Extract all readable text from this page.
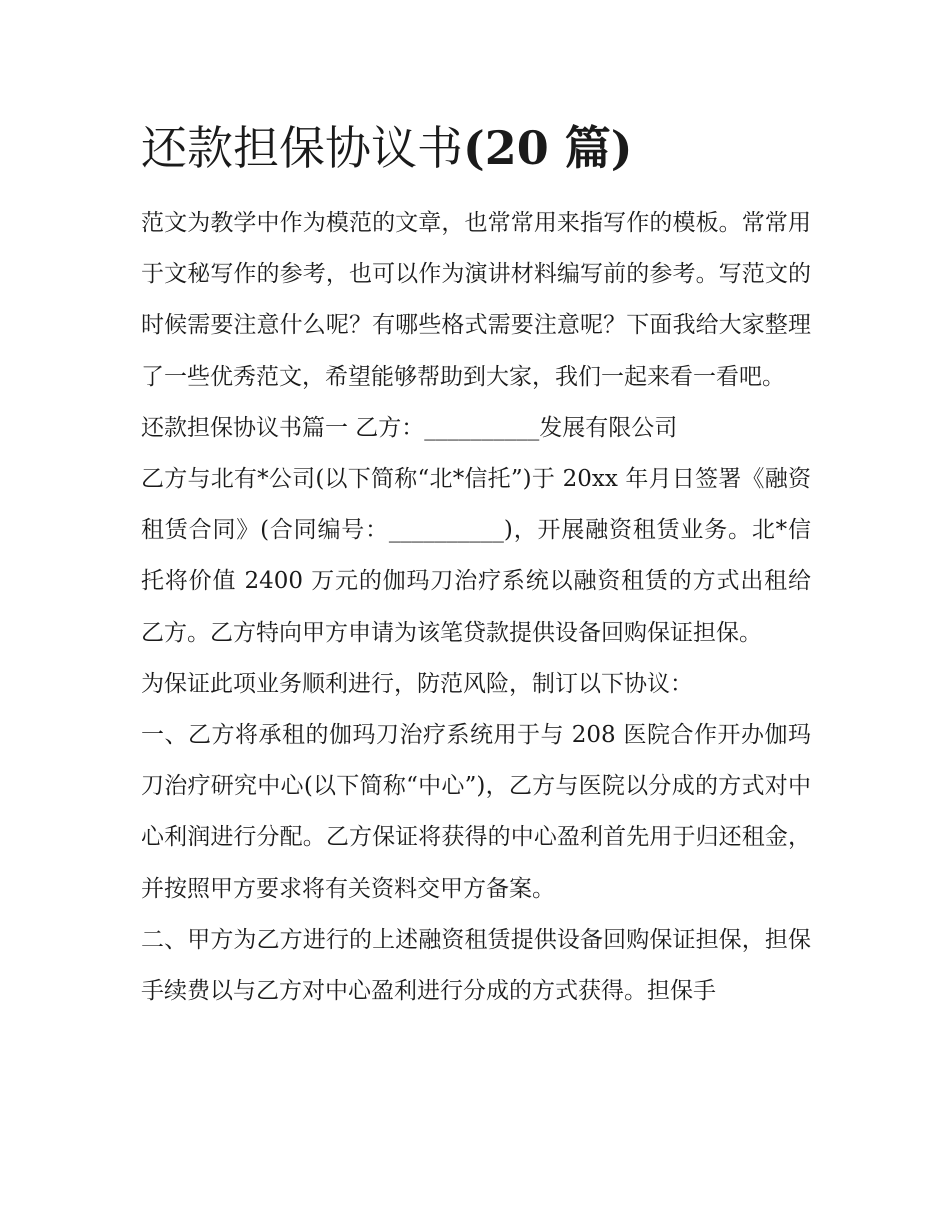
还款担保协议书(20 篇)

范文为教学中作为模范的文章，也常常用来指写作的模板。常常用于文秘写作的参考，也可以作为演讲材料编写前的参考。写范文的时候需要注意什么呢？有哪些格式需要注意呢？下面我给大家整理了一些优秀范文，希望能够帮助到大家，我们一起来看一看吧。

还款担保协议书篇一 乙方：__________发展有限公司

乙方与北有*公司(以下简称“北*信托”)于 20xx 年月日签署《融资租赁合同》(合同编号：__________)，开展融资租赁业务。北*信托将价值 2400 万元的伽玛刀治疗系统以融资租赁的方式出租给乙方。乙方特向甲方申请为该笔贷款提供设备回购保证担保。

为保证此项业务顺利进行，防范风险，制订以下协议：

一、乙方将承租的伽玛刀治疗系统用于与 208 医院合作开办伽玛刀治疗研究中心(以下简称“中心”)，乙方与医院以分成的方式对中心利润进行分配。乙方保证将获得的中心盈利首先用于归还租金，并按照甲方要求将有关资料交甲方备案。

二、甲方为乙方进行的上述融资租赁提供设备回购保证担保，担保手续费以与乙方对中心盈利进行分成的方式获得。担保手
